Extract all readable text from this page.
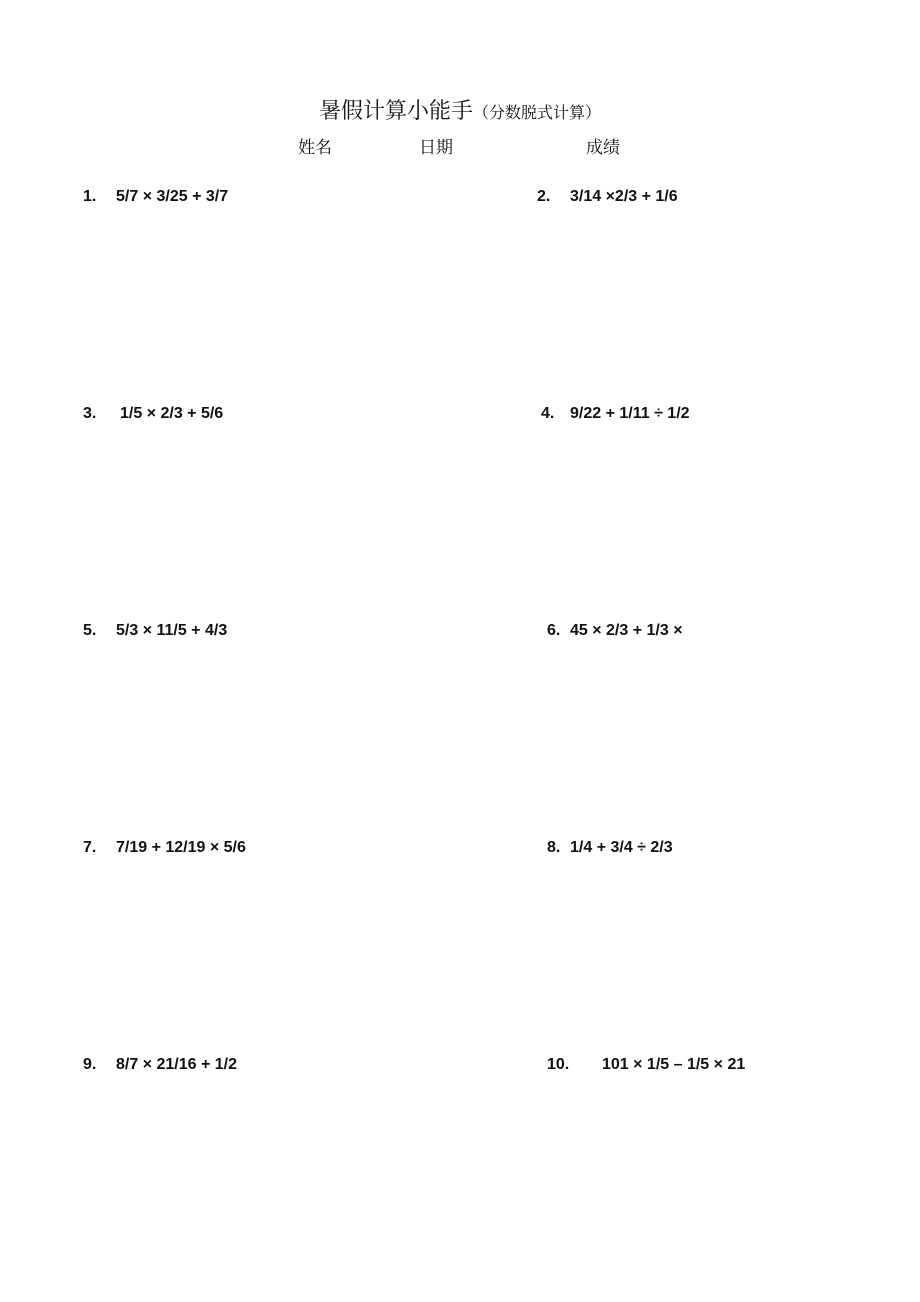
暑假计算小能手（分数脱式计算）
姓名	日期	成绩
1. 5/7 × 3/25 + 3/7	2. 3/14 ×2/3 + 1/6
3. 1/5 × 2/3 + 5/6	4. 9/22 + 1/11 ÷ 1/2
5. 5/3 × 11/5 + 4/3	6. 45 × 2/3 + 1/3 ×
7. 7/19 + 12/19 × 5/6	8. 1/4 + 3/4 ÷ 2/3
9. 8/7 × 21/16 + 1/2	10. 101 × 1/5 – 1/5 × 21
